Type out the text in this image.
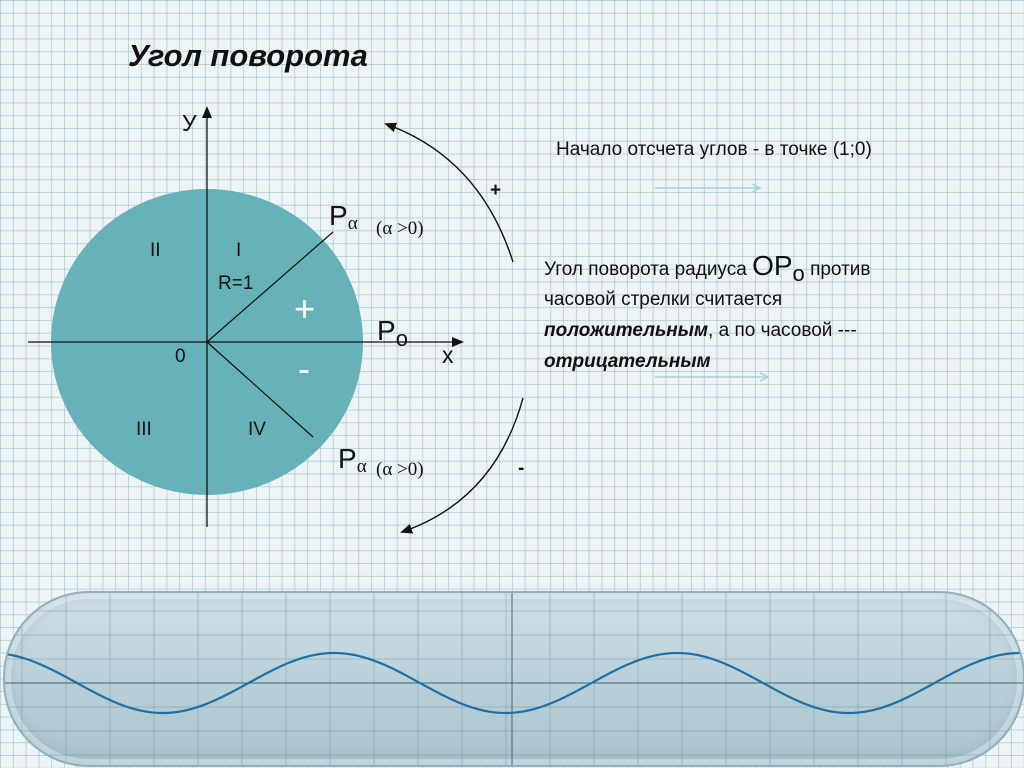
Угол поворота
У
x
0
I
II
III	IV
R=1
+
-
$P_o$
Pα (α >0)
Pα (α >0)
+
-
Начало отсчета углов - в точке (1;0)
Угол поворота радиуса OPo против
часовой стрелки считается
положительным, а по часовой ---
отрицательным
